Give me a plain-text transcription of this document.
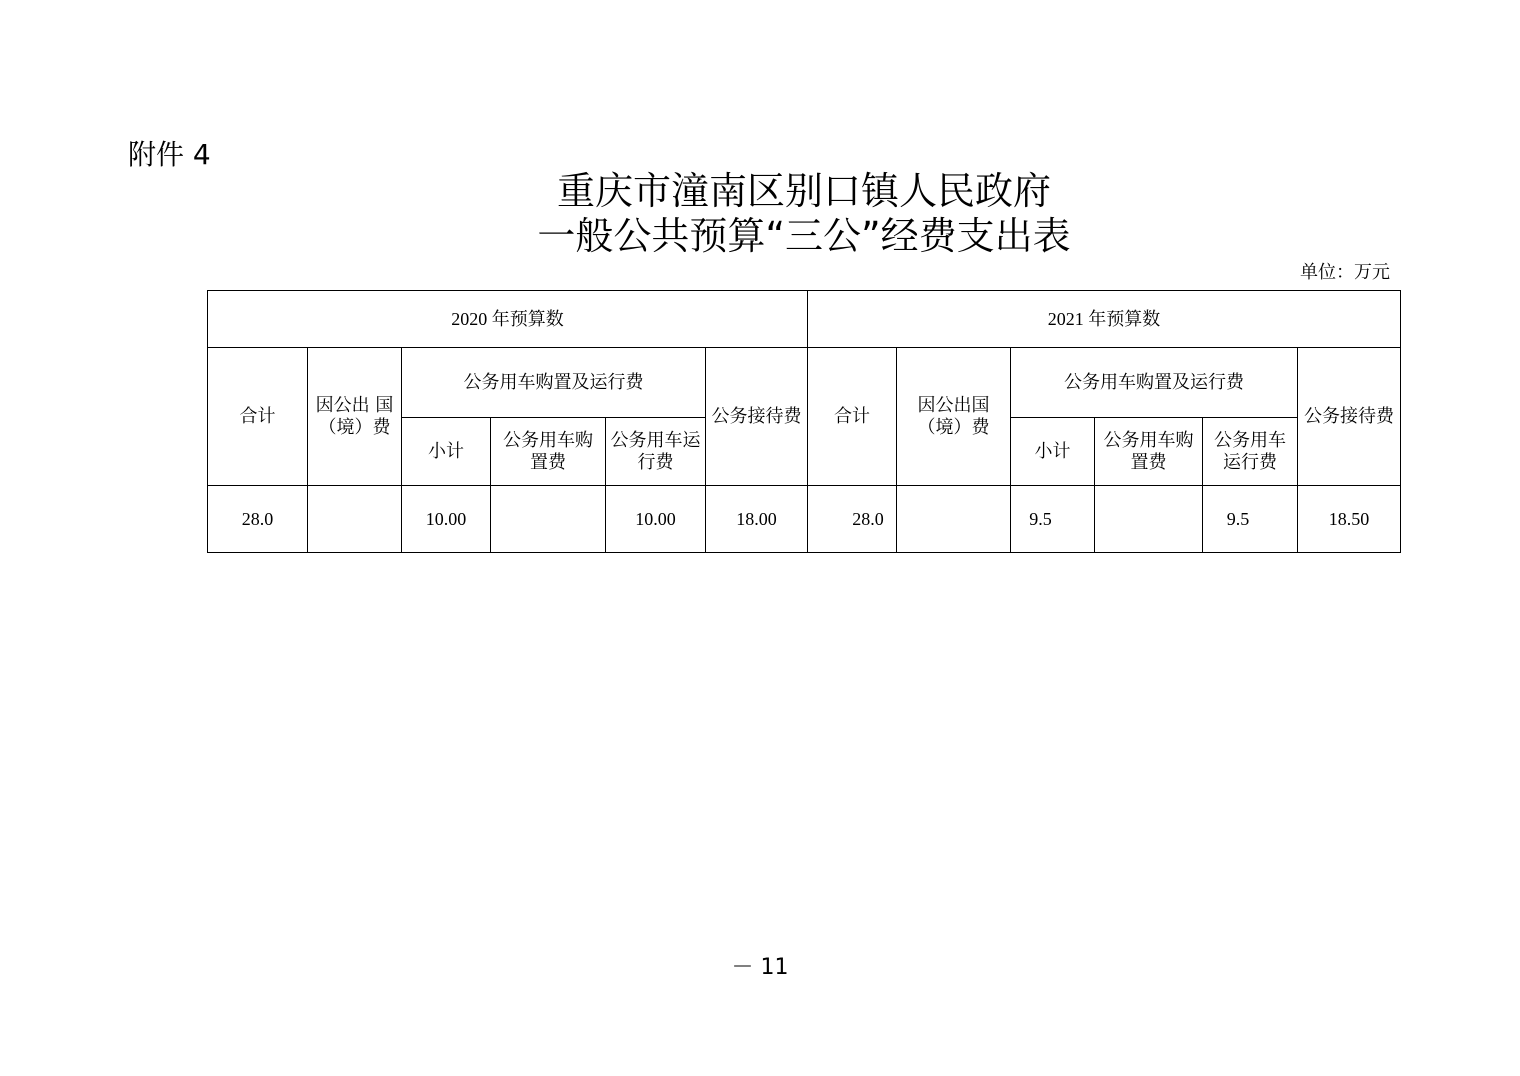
附件 4
重庆市潼南区别口镇人民政府
一般公共预算“三公”经费支出表
单位：万元
2020 年预算数						2021 年预算数					
合计	因公出 国（境）费	公务用车购置及运行费			公务接待费	合计	因公出国（境）费	公务用车购置及运行费			公务接待费
		小计	公务用车购置费	公务用车运行费				小计	公务用车购置费	公务用车运行费	
28.0		10.00		10.00	18.00	28.0		9.5		9.5	18.50
－ 11
